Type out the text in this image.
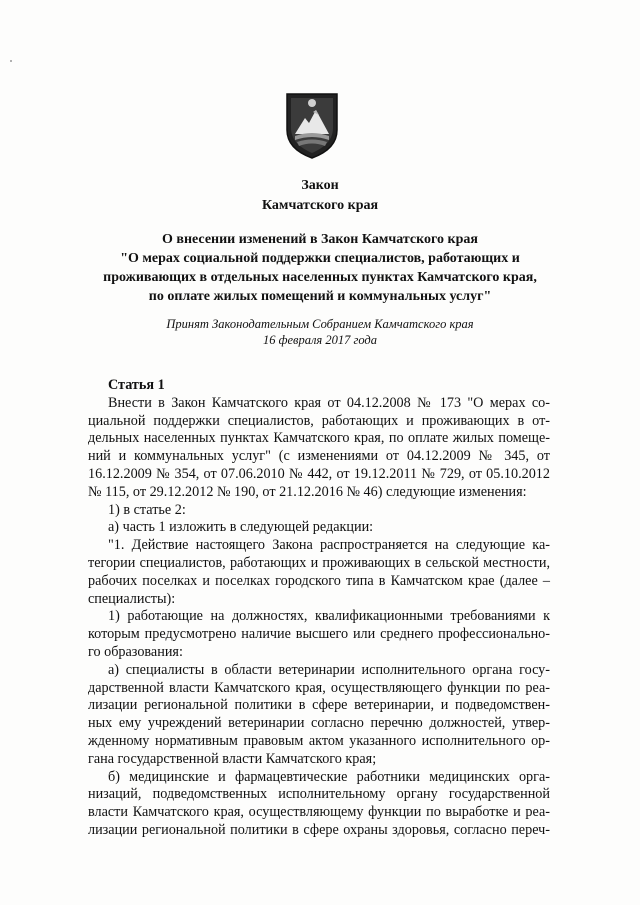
Закон
Камчатского края
О внесении изменений в Закон Камчатского края
"О мерах социальной поддержки специалистов, работающих и
проживающих в отдельных населенных пунктах Камчатского края,
по оплате жилых помещений и коммунальных услуг"
Принят Законодательным Собранием Камчатского края
16 февраля 2017 года
Статья 1
Внести в Закон Камчатского края от 04.12.2008 № 173 "О мерах со-
циальной поддержки специалистов, работающих и проживающих в от-
дельных населенных пунктах Камчатского края, по оплате жилых помеще-
ний и коммунальных услуг" (с изменениями от 04.12.2009 № 345, от
16.12.2009 № 354, от 07.06.2010 № 442, от 19.12.2011 № 729, от 05.10.2012
№ 115, от 29.12.2012 № 190, от 21.12.2016 № 46) следующие изменения:
1) в статье 2:
а) часть 1 изложить в следующей редакции:
"1. Действие настоящего Закона распространяется на следующие ка-
тегории специалистов, работающих и проживающих в сельской местности,
рабочих поселках и поселках городского типа в Камчатском крае (далее –
специалисты):
1) работающие на должностях, квалификационными требованиями к
которым предусмотрено наличие высшего или среднего профессионально-
го образования:
а) специалисты в области ветеринарии исполнительного органа госу-
дарственной власти Камчатского края, осуществляющего функции по реа-
лизации региональной политики в сфере ветеринарии, и подведомствен-
ных ему учреждений ветеринарии согласно перечню должностей, утвер-
жденному нормативным правовым актом указанного исполнительного ор-
гана государственной власти Камчатского края;
б) медицинские и фармацевтические работники медицинских орга-
низаций, подведомственных исполнительному органу государственной
власти Камчатского края, осуществляющему функции по выработке и реа-
лизации региональной политики в сфере охраны здоровья, согласно переч-
